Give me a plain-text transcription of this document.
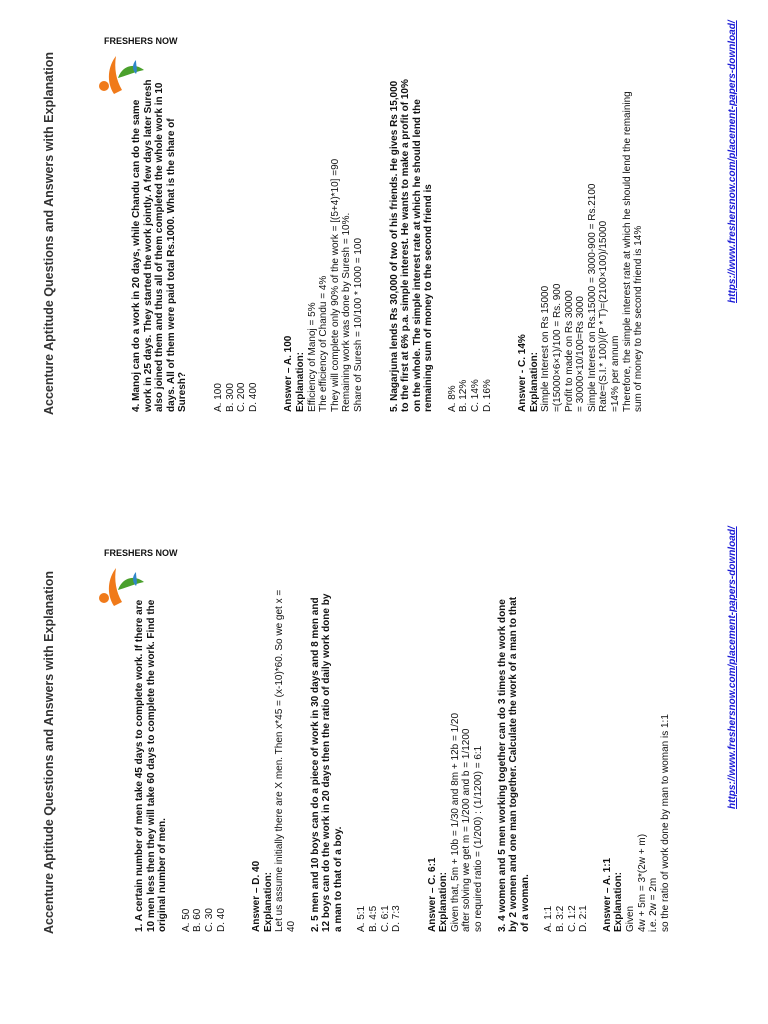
Accenture Aptitude Questions and Answers with Explanation
FRESHERS NOW
1. A certain number of men take 45 days to complete work. If there are 10 men less then they will take 60 days to complete the work. Find the original number of men. A. 50 B. 60 C. 30 D. 40 Answer – D. 40 Explanation: Let us assume initially there are X men. Then x*45 = (x-10)*60. So we get x = 40 2. 5 men and 10 boys can do a piece of work in 30 days and 8 men and 12 boys can do the work in 20 days then the ratio of daily work done by a man to that of a boy. A. 5:1 B. 4:5 C. 6:1 D. 7:3 Answer – C. 6:1 Explanation: Given that, 5m + 10b = 1/30 and 8m + 12b = 1/20 after solving we get m = 1/200 and b = 1/1200 so required ratio = (1/200) : (1/1200) = 6:1 3. 4 women and 5 men working together can do 3 times the work done by 2 women and one man together. Calculate the work of a man to that of a woman. A. 1:1 B. 3:2 C. 1:2 D. 2:1 Answer – A. 1:1 Explanation: Given 4w + 5m = 3*(2w + m) i.e. 2w = 2m so the ratio of work done by man to woman is 1:1
https://www.freshersnow.com/placement-papers-download/
Accenture Aptitude Questions and Answers with Explanation
FRESHERS NOW
4. Manoj can do a work in 20 days, while Chandu can do the same work in 25 days. They started the work jointly. A few days later Suresh also joined them and thus all of them completed the whole work in 10 days. All of them were paid total Rs.1000. What is the share of Suresh? A. 100 B. 300 C. 200 D. 400 Answer – A. 100 Explanation: Efficiency of Manoj = 5% The efficiency of Chandu = 4% They will complete only 90% of the work = [(5+4)*10] =90 Remaining work was done by Suresh = 10%. Share of Suresh = 10/100 * 1000 = 100 5. Nagarjuna lends Rs 30,000 of two of his friends. He gives Rs 15,000 to the first at 6% p.a. simple interest. He wants to make a profit of 10% on the whole. The simple interest rate at which he should lend the remaining sum of money to the second friend is A. 8% B. 12% C. 14% D. 16% Answer - C. 14% Explanation: Simple Interest on Rs 15000 =(15000×6×1)/100 = Rs. 900 Profit to made on Rs 30000 = 30000×10/100=Rs 3000 Simple Interest on Rs.15000 = 3000-900 = Rs.2100 Rate=(S.I.* 100)/(P * T)=(2100×100)/15000 =14% per annum Therefore, the simple interest rate at which he should lend the remaining sum of money to the second friend is 14%
https://www.freshersnow.com/placement-papers-download/
